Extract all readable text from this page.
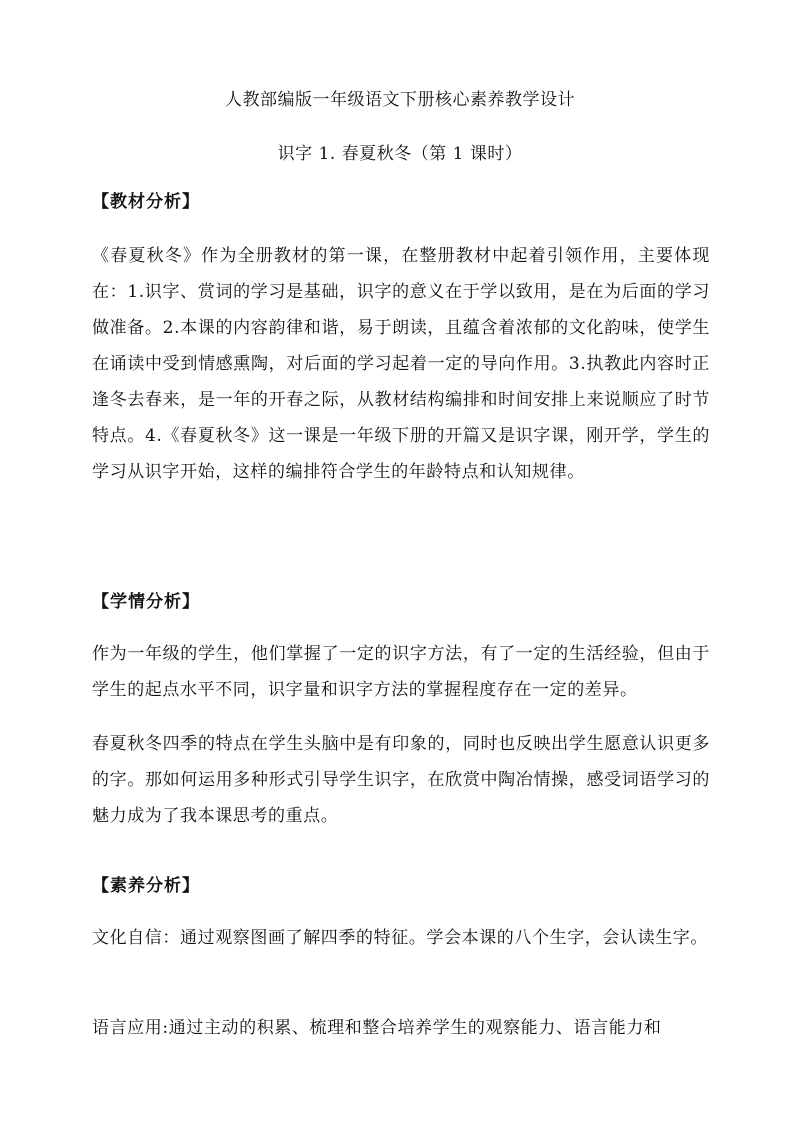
人教部编版一年级语文下册核心素养教学设计
识字 1. 春夏秋冬（第 1 课时）
【教材分析】

《春夏秋冬》作为全册教材的第一课，在整册教材中起着引领作用，主要体现在：1.识字、赏词的学习是基础，识字的意义在于学以致用，是在为后面的学习做准备。2.本课的内容韵律和谐，易于朗读，且蕴含着浓郁的文化韵味，使学生在诵读中受到情感熏陶，对后面的学习起着一定的导向作用。3.执教此内容时正逢冬去春来，是一年的开春之际，从教材结构编排和时间安排上来说顺应了时节特点。4.《春夏秋冬》这一课是一年级下册的开篇又是识字课，刚开学，学生的学习从识字开始，这样的编排符合学生的年龄特点和认知规律。

【学情分析】

作为一年级的学生，他们掌握了一定的识字方法，有了一定的生活经验，但由于学生的起点水平不同，识字量和识字方法的掌握程度存在一定的差异。

春夏秋冬四季的特点在学生头脑中是有印象的，同时也反映出学生愿意认识更多的字。那如何运用多种形式引导学生识字，在欣赏中陶冶情操，感受词语学习的魅力成为了我本课思考的重点。

【素养分析】

文化自信：通过观察图画了解四季的特征。学会本课的八个生字，会认读生字。

语言应用:通过主动的积累、梳理和整合培养学生的观察能力、语言能力和
